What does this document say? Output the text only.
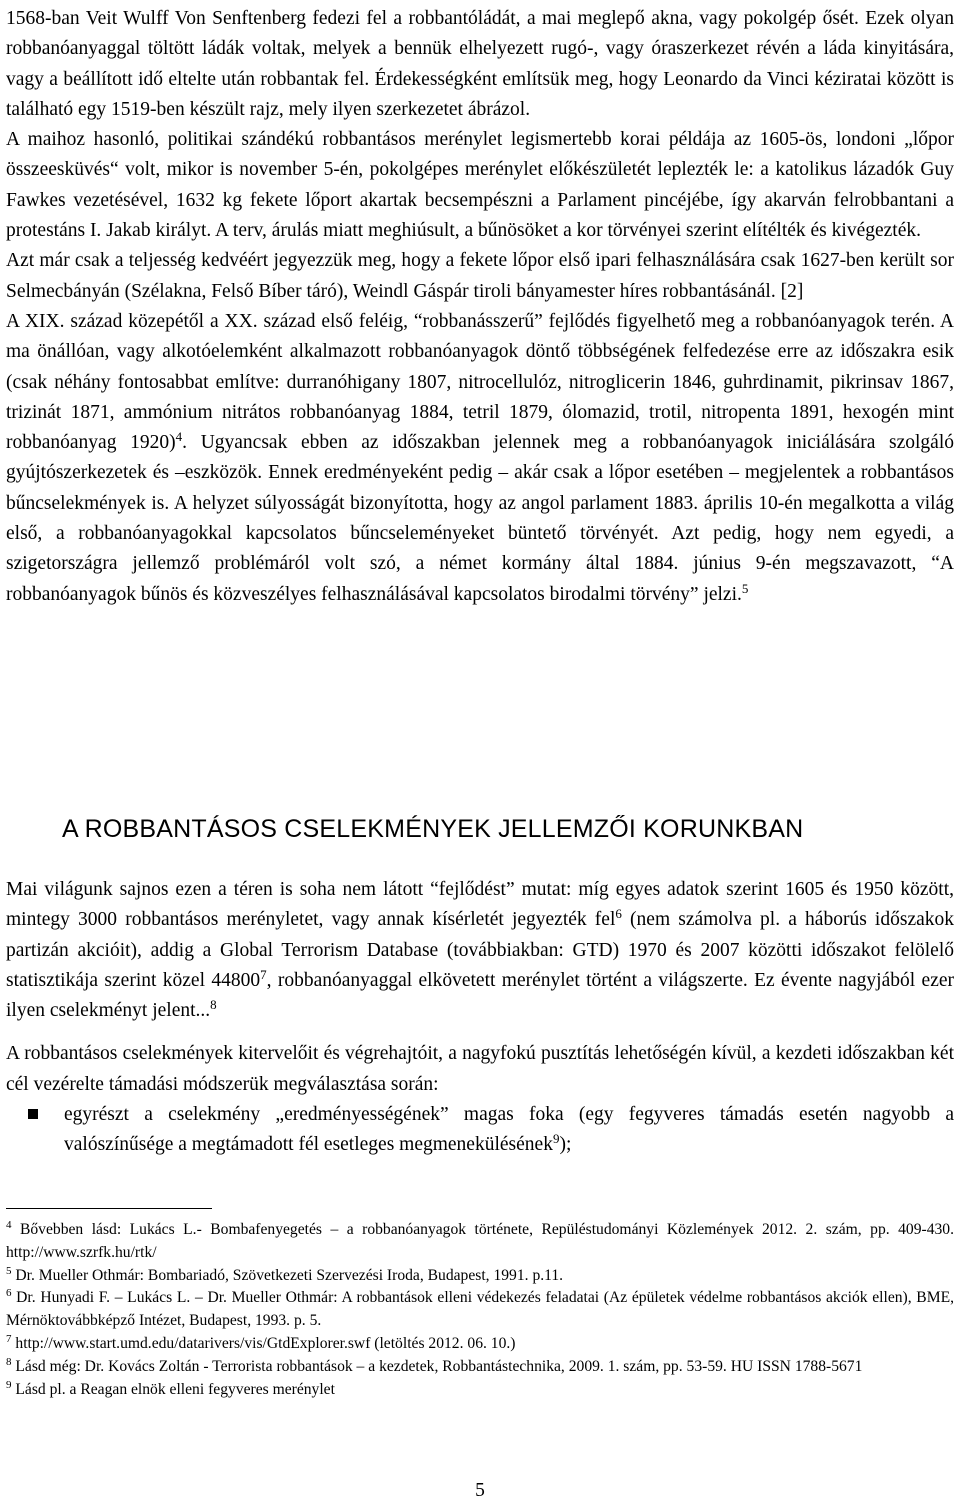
1568-ban Veit Wulff Von Senftenberg fedezi fel a robbantóládát, a mai meglepő akna, vagy pokolgép ősét. Ezek olyan robbanóanyaggal töltött ládák voltak, melyek a bennük elhelyezett rugó-, vagy óraszerkezet révén a láda kinyitására, vagy a beállított idő eltelte után robbantak fel. Érdekességként említsük meg, hogy Leonardo da Vinci kéziratai között is található egy 1519-ben készült rajz, mely ilyen szerkezetet ábrázol.

A maihoz hasonló, politikai szándékú robbantásos merénylet legismertebb korai példája az 1605-ös, londoni „lőpor összeesküvés“ volt, mikor is november 5-én, pokolgépes merénylet előkészületét leplezték le: a katolikus lázadók Guy Fawkes vezetésével, 1632 kg fekete lőport akartak becsempészni a Parlament pincéjébe, így akarván felrobbantani a protestáns I. Jakab királyt. A terv, árulás miatt meghiúsult, a bűnösöket a kor törvényei szerint elítélték és kivégezték.

Azt már csak a teljesség kedvéért jegyezzük meg, hogy a fekete lőpor első ipari felhasználására csak 1627-ben került sor Selmecbányán (Szélakna, Felső Bíber táró), Weindl Gáspár tiroli bányamester híres robbantásánál. [2]

A XIX. század közepétől a XX. század első feléig, “robbanásszerű” fejlődés figyelhető meg a robbanóanyagok terén. A ma önállóan, vagy alkotóelemként alkalmazott robbanóanyagok döntő többségének felfedezése erre az időszakra esik (csak néhány fontosabbat említve: durranóhigany 1807, nitrocellulóz, nitroglicerin 1846, guhrdinamit, pikrinsav 1867, trizinát 1871, ammónium nitrátos robbanóanyag 1884, tetril 1879, ólomazid, trotil, nitropenta 1891, hexogén mint robbanóanyag 1920)$^4$. Ugyancsak ebben az időszakban jelennek meg a robbanóanyagok iniciálására szolgáló gyújtószerkezetek és –eszközök. Ennek eredményeként pedig – akár csak a lőpor esetében – megjelentek a robbantásos bűncselekmények is. A helyzet súlyosságát bizonyította, hogy az angol parlament 1883. április 10-én megalkotta a világ első, a robbanóanyagokkal kapcsolatos bűncseleményeket büntető törvényét. Azt pedig, hogy nem egyedi, a szigetországra jellemző problémáról volt szó, a német kormány által 1884. június 9-én megszavazott, “A robbanóanyagok bűnös és közveszélyes felhasználásával kapcsolatos birodalmi törvény” jelzi.$^5$

A ROBBANTÁSOS CSELEKMÉNYEK JELLEMZŐI KORUNKBAN

Mai világunk sajnos ezen a téren is soha nem látott “fejlődést” mutat: míg egyes adatok szerint 1605 és 1950 között, mintegy 3000 robbantásos merényletet, vagy annak kísérletét jegyezték fel$^6$ (nem számolva pl. a háborús időszakok partizán akcióit), addig a Global Terrorism Database (továbbiakban: GTD) 1970 és 2007 közötti időszakot felölelő statisztikája szerint közel 44800$^7$, robbanóanyaggal elkövetett merénylet történt a világszerte. Ez évente nagyjából ezer ilyen cselekményt jelent...$^8$

A robbantásos cselekmények kitervelőit és végrehajtóit, a nagyfokú pusztítás lehetőségén kívül, a kezdeti időszakban két cél vezérelte támadási módszerük megválasztása során:

egyrészt a cselekmény „eredményességének” magas foka (egy fegyveres támadás esetén nagyobb a valószínűsége a megtámadott fél esetleges megmenekülésének$^9$);

$^4$ Bővebben lásd: Lukács L.- Bombafenyegetés – a robbanóanyagok története, Repüléstudományi Közlemények 2012. 2. szám, pp. 409-430. http://www.szrfk.hu/rtk/

$^5$ Dr. Mueller Othmár: Bombariadó, Szövetkezeti Szervezési Iroda, Budapest, 1991. p.11.

$^6$ Dr. Hunyadi F. – Lukács L. – Dr. Mueller Othmár: A robbantások elleni védekezés feladatai (Az épületek védelme robbantásos akciók ellen), BME, Mérnöktovábbképző Intézet, Budapest, 1993. p. 5.

$^7$ http://www.start.umd.edu/datarivers/vis/GtdExplorer.swf (letöltés 2012. 06. 10.)

$^8$ Lásd még: Dr. Kovács Zoltán - Terrorista robbantások – a kezdetek, Robbantástechnika, 2009. 1. szám, pp. 53-59. HU ISSN 1788-5671

$^9$ Lásd pl. a Reagan elnök elleni fegyveres merénylet

5
